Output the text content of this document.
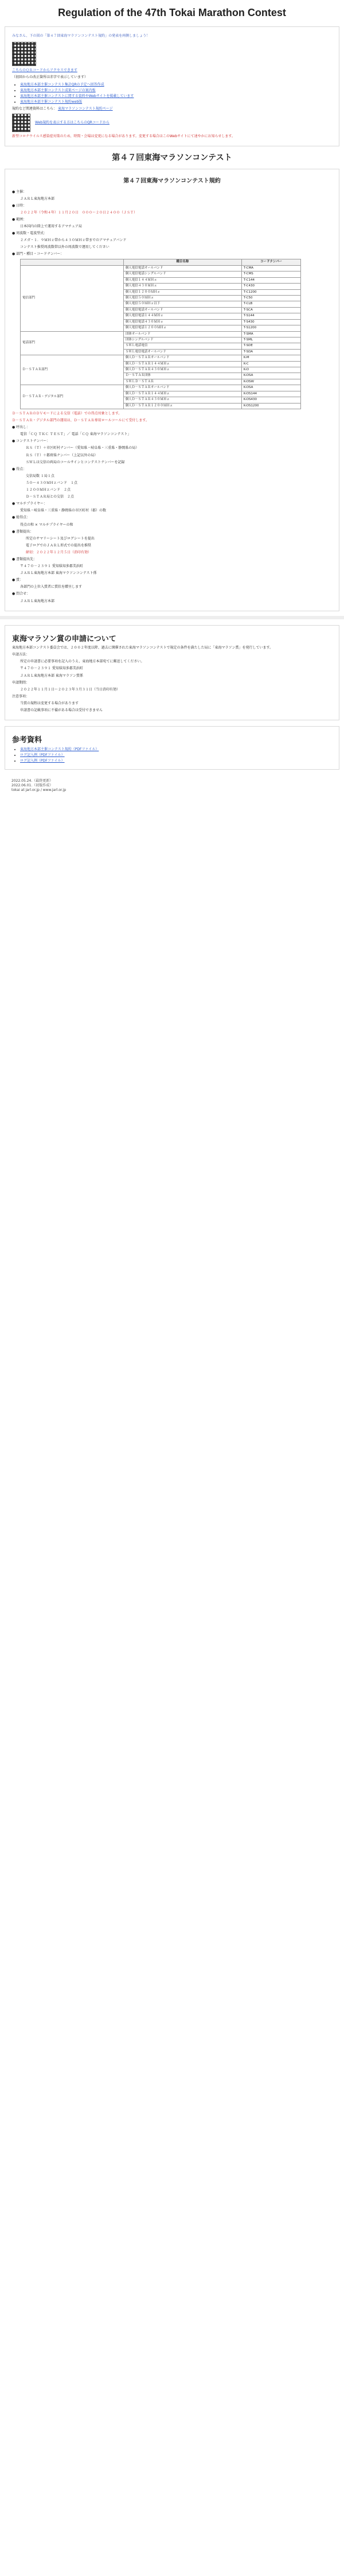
Regulation of the 47th Tokai Marathon Contest
みなさん、下の図の「第４７回東海マラソンコンテスト規約」の発表を両側しましょう！
こちらのＱＲコードからアクセスできます
（初回からの改正箇所は赤字で表示しています）
• 東海地方本部主催コンテスト集計QRの予定へ回答作成
• 東海地方本部主催コンテスト成果ページの案内板
• 東海地方本部主催コンテストに関する資料やWebサイトを掲載しています
• 東海地方本部主催コンテスト規約web版
規約など関連資料はこちら： 東海マラソンコンテスト規約ページ
Web規約を表示する方はこちらのQRコードから
新型コロナウイルス感染症対策のため、時間・会場は変更になる場合があります。変更する場合はこのWebサイトにて速やかにお知らせします。
第４７回東海マラソンコンテスト
第４７回東海マラソンコンテスト規約
● 主催：
ＪＡＲＬ東海地方本部
● 日時：
２０２２年（令和４年）１１月２０日　０００～２０日２４００（ＪＳＴ）
● 範囲：
日本国内の陸上で運用するアマチュア局
● 周波数・電波型式：
２メガ・１．９ＭＨｚ帯から４３０ＭＨｚ帯までのアマチュアバンド
コンテスト推奨周波数帯以外の周波数で運用してください
● 部門・種目・コードナンバー：
	種目名称	コードナンバー
電信部門	個人電信電話オールバンド	T-CMA
	個人電信電話シングルバンド	T-CMS
	個人電信１４４ＭＨｚ	T-C144
	個人電信４３０ＭＨｚ	T-C430
	個人電信１２００ＭＨｚ	T-C1200
	個人電信５０ＭＨｚ	T-C50
	個人電信５０ＭＨｚ以下	T-CLB
	個人電信電話オールバンド	T-SCA
	個人電信電話１４４ＭＨｚ	T-S144
	個人電信電話４３０ＭＨｚ	T-S430
	個人電信電話１２００ＭＨｚ	T-S1200
電話部門	団体オールバンド	T-SMA
	団体シングルバンド	T-SML
	ＳＷＬ電話電信	T-SDE
	ＳＷＬ電信電話オールバンド	T-SDA
Ｄ－ＳＴＡＲ部門	個人Ｄ－ＳＴＡＲオールバンド	K-M
	個人Ｄ－ＳＴＡＲ１４４ＭＨｚ	K-C
	個人Ｄ－ＳＴＡＲ４３０ＭＨｚ	K-D
	Ｄ－ＳＴＡＲ団体	K-DSA
	ＳＷＬＤ－ＳＴＡＲ	K-DSW
Ｄ－ＳＴＡＲ・デジタル部門	個人Ｄ－ＳＴＡＲオールバンド	K-DSA
	個人Ｄ－ＳＴＡＲ１４４ＭＨｚ	K-DS144
	個人Ｄ－ＳＴＡＲ４３０ＭＨｚ	K-DS430
	個人Ｄ－ＳＴＡＲ１２００ＭＨｚ	K-DS1200
Ｄ－ＳＴＡＲのＤＶモードによる交信（電話）での得点対象とします。
Ｄ－ＳＴＡＲ・デジタル部門の運用は、Ｄ－ＳＴＡＲ専用ロールコールにて受付します。
● 呼出し：
電信「ＣＱ ＴＫＣ ＴＥＳＴ」／ 電話「ＣＱ 東海マラソンコンテスト」
● コンテストナンバー：
ＲＳ（Ｔ）＋市区町村ナンバー（愛知県・岐阜県・三重県・静岡県の局）
ＲＳ（Ｔ）＋都府県ナンバー（上記以外の局）
ＳＷＬは交信の両局のコールサインとコンテストナンバーを記録
● 得点：
交信局数 １局１点
５０～４３０ＭＨｚバンド　１点
１２００ＭＨｚバンド　２点
Ｄ－ＳＴＡＲ局との交信　２点
● マルチプライヤー：
愛知県・岐阜県・三重県・静岡県の市区町村（郡）の数
● 総得点：
得点の和 × マルチプライヤーの和
● 書類提出：
所定のサマリーシート及びログシートを提出
電子ログでのＪＡＲＬ形式での提出を推奨
締切：２０２２年１２月５日（消印有効）
● 書類提出先：
〒４７０－２３９１ 愛知県知多郡美浜町
ＪＡＲＬ東海地方本部 東海マラソンコンテスト係
● 賞：
各部門の上位入賞者に賞状を贈呈します
● 問合せ：
ＪＡＲＬ東海地方本部
東海マラソン賞の申請について
東海地方本部コンテスト委員会では、２００２年度以降、過去に開催された東海マラソンコンテストで規定の条件を満たした局に「東海マラソン賞」を発行しています。
申請方法：
所定の申請書に必要事項を記入のうえ、東海地方本部宛てに郵送してください。
〒４７０－２３９１ 愛知県知多郡美浜町
ＪＡＲＬ東海地方本部 東海マラソン賞係
申請期間：
２０２２年１１月１日～２０２３年３月３１日（当日消印有効）
注意事項：
当賞の規程は変更する場合があります
申請書の記載事項に不備がある場合は受付できません
参考資料
• 東海地方本部主催コンテスト規約（PDFファイル）
• ログ記入例（PDFファイル）
• ログ記入例（PDFファイル）
2022.05.24.（最終更新）
2022.06.01.（初版作成）
tokai at jarl.or.jp / www.jarl.or.jp
